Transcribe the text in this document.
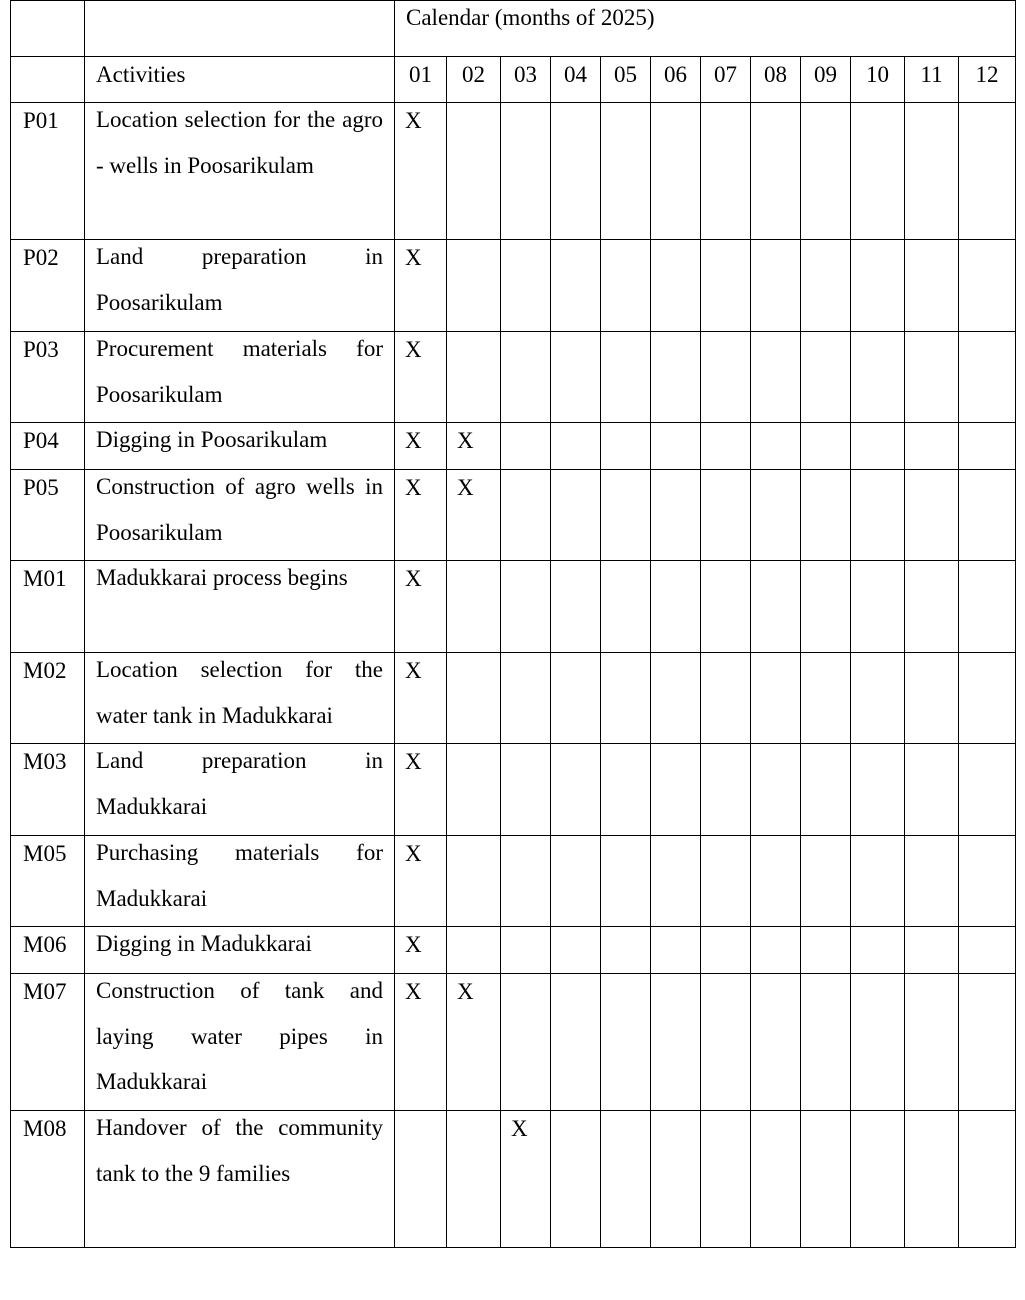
		Calendar (months of 2025)											
	Activities	01	02	03	04	05	06	07	08	09	10	11	12
P01	Location selection for the agro - wells in Poosarikulam	X											
P02	Land preparation in Poosarikulam	X											
P03	Procurement materials for Poosarikulam	X											
P04	Digging in Poosarikulam	X	X										
P05	Construction of agro wells in Poosarikulam	X	X										
M01	Madukkarai process begins	X											
M02	Location selection for the water tank in Madukkarai	X											
M03	Land preparation in Madukkarai	X											
M05	Purchasing materials for Madukkarai	X											
M06	Digging in Madukkarai	X											
M07	Construction of tank and laying water pipes in Madukkarai	X	X										
M08	Handover of the community tank to the 9 families			X									
